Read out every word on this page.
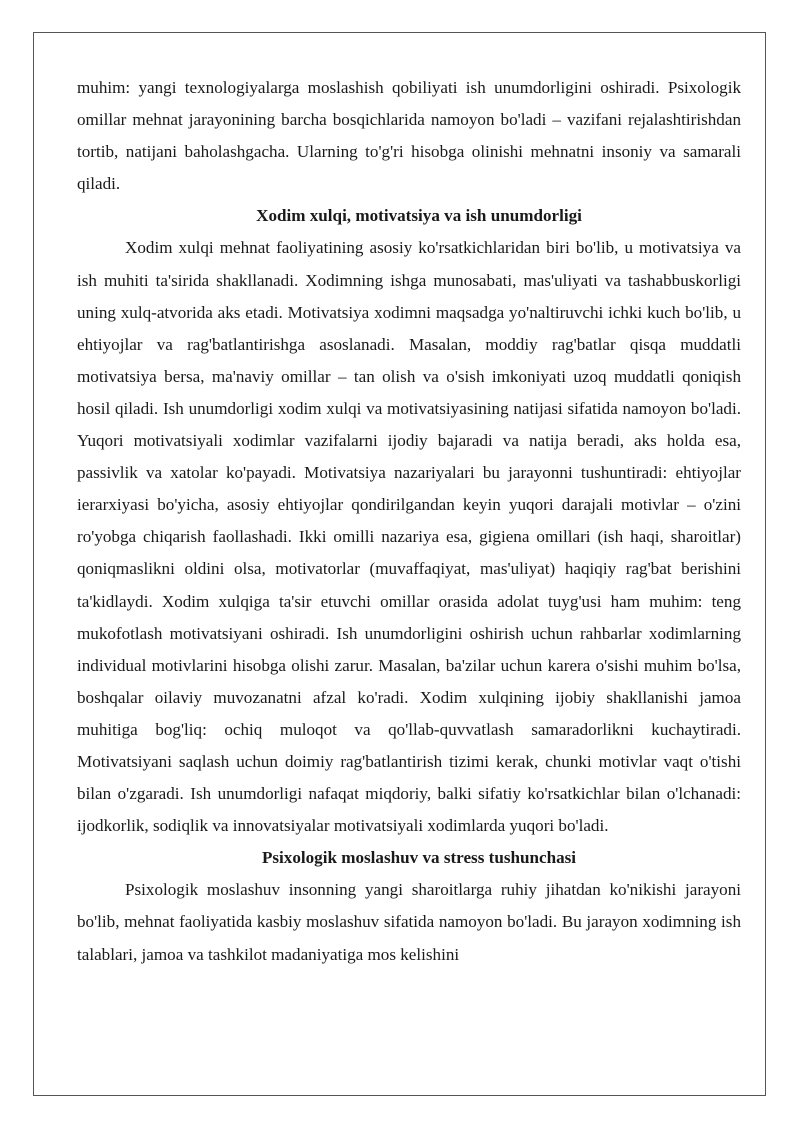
muhim: yangi texnologiyalarga moslashish qobiliyati ish unumdorligini oshiradi. Psixologik omillar mehnat jarayonining barcha bosqichlarida namoyon bo'ladi – vazifani rejalashtirishdan tortib, natijani baholashgacha. Ularning to'g'ri hisobga olinishi mehnatni insoniy va samarali qiladi.

Xodim xulqi, motivatsiya va ish unumdorligi

Xodim xulqi mehnat faoliyatining asosiy ko'rsatkichlaridan biri bo'lib, u motivatsiya va ish muhiti ta'sirida shakllanadi. Xodimning ishga munosabati, mas'uliyati va tashabbuskorligi uning xulq-atvorida aks etadi. Motivatsiya xodimni maqsadga yo'naltiruvchi ichki kuch bo'lib, u ehtiyojlar va rag'batlantirishga asoslanadi. Masalan, moddiy rag'batlar qisqa muddatli motivatsiya bersa, ma'naviy omillar – tan olish va o'sish imkoniyati uzoq muddatli qoniqish hosil qiladi. Ish unumdorligi xodim xulqi va motivatsiyasining natijasi sifatida namoyon bo'ladi. Yuqori motivatsiyali xodimlar vazifalarni ijodiy bajaradi va natija beradi, aks holda esa, passivlik va xatolar ko'payadi. Motivatsiya nazariyalari bu jarayonni tushuntiradi: ehtiyojlar ierarxiyasi bo'yicha, asosiy ehtiyojlar qondirilgandan keyin yuqori darajali motivlar – o'zini ro'yobga chiqarish faollashadi. Ikki omilli nazariya esa, gigiena omillari (ish haqi, sharoitlar) qoniqmaslikni oldini olsa, motivatorlar (muvaffaqiyat, mas'uliyat) haqiqiy rag'bat berishini ta'kidlaydi. Xodim xulqiga ta'sir etuvchi omillar orasida adolat tuyg'usi ham muhim: teng mukofotlash motivatsiyani oshiradi. Ish unumdorligini oshirish uchun rahbarlar xodimlarning individual motivlarini hisobga olishi zarur. Masalan, ba'zilar uchun karera o'sishi muhim bo'lsa, boshqalar oilaviy muvozanatni afzal ko'radi. Xodim xulqining ijobiy shakllanishi jamoa muhitiga bog'liq: ochiq muloqot va qo'llab-quvvatlash samaradorlikni kuchaytiradi. Motivatsiyani saqlash uchun doimiy rag'batlantirish tizimi kerak, chunki motivlar vaqt o'tishi bilan o'zgaradi. Ish unumdorligi nafaqat miqdoriy, balki sifatiy ko'rsatkichlar bilan o'lchanadi: ijodkorlik, sodiqlik va innovatsiyalar motivatsiyali xodimlarda yuqori bo'ladi.

Psixologik moslashuv va stress tushunchasi

Psixologik moslashuv insonning yangi sharoitlarga ruhiy jihatdan ko'nikishi jarayoni bo'lib, mehnat faoliyatida kasbiy moslashuv sifatida namoyon bo'ladi. Bu jarayon xodimning ish talablari, jamoa va tashkilot madaniyatiga mos kelishini
